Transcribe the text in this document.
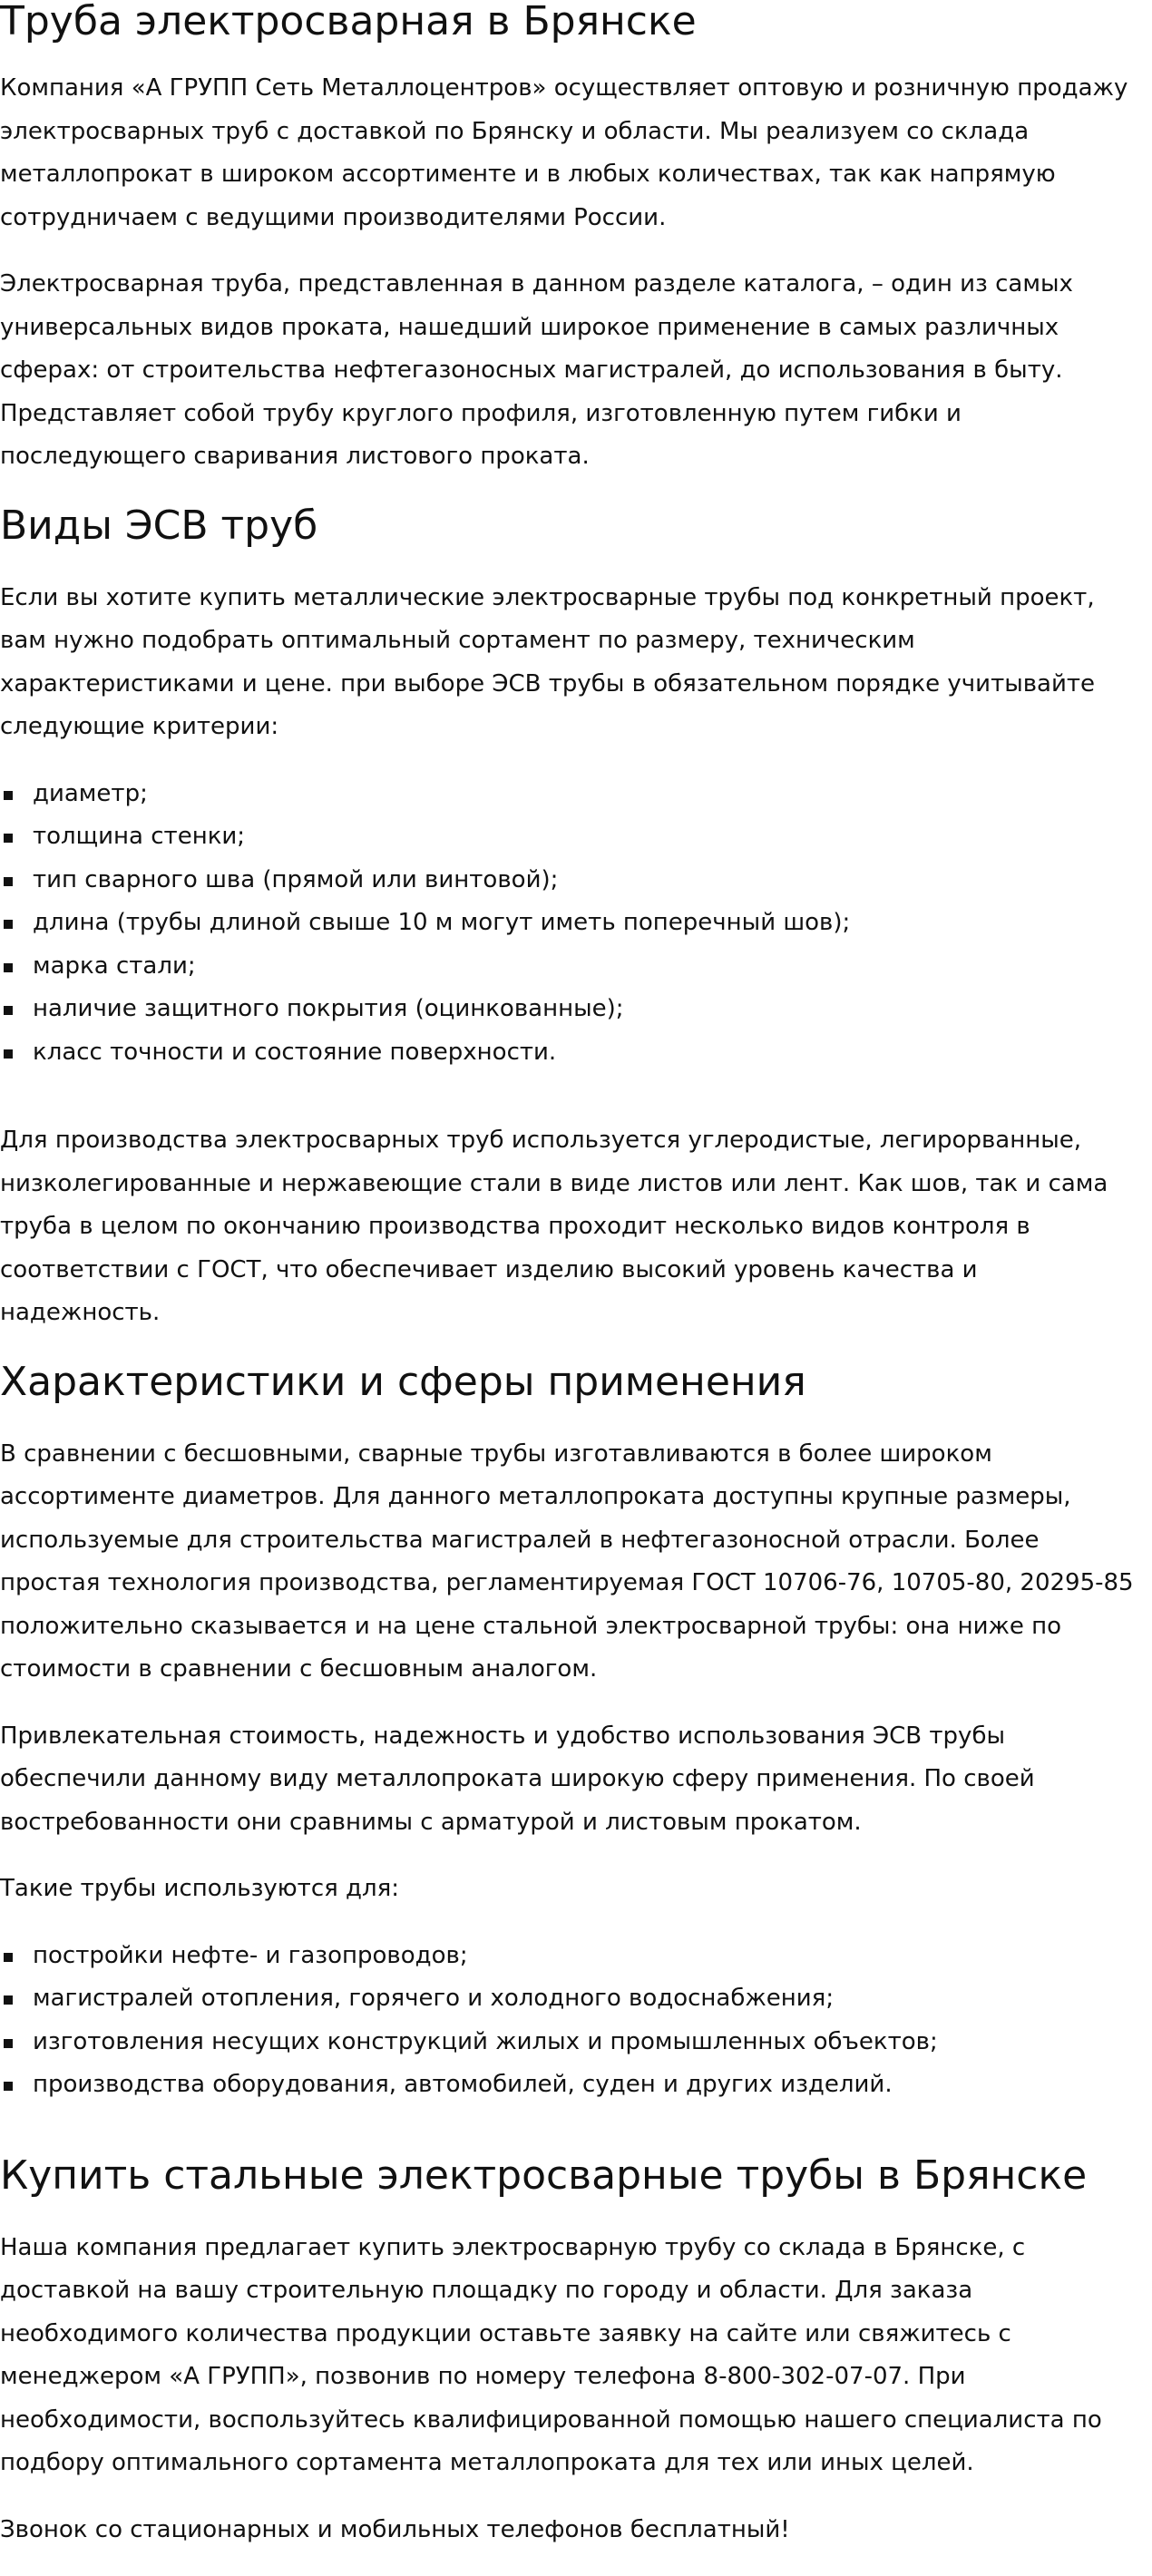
Труба электросварная в Брянске

Компания «А ГРУПП Сеть Металлоцентров» осуществляет оптовую и розничную продажу электросварных труб с доставкой по Брянску и области. Мы реализуем со склада металлопрокат в широком ассортименте и в любых количествах, так как напрямую сотрудничаем с ведущими производителями России.

Электросварная труба, представленная в данном разделе каталога, – один из самых универсальных видов проката, нашедший широкое применение в самых различных сферах: от строительства нефтегазоносных магистралей, до использования в быту. Представляет собой трубу круглого профиля, изготовленную путем гибки и последующего сваривания листового проката.

Виды ЭСВ труб

Если вы хотите купить металлические электросварные трубы под конкретный проект, вам нужно подобрать оптимальный сортамент по размеру, техническим характеристиками и цене. при выборе ЭСВ трубы в обязательном порядке учитывайте следующие критерии:

диаметр;
толщина стенки;
тип сварного шва (прямой или винтовой);
длина (трубы длиной свыше 10 м могут иметь поперечный шов);
марка стали;
наличие защитного покрытия (оцинкованные);
класс точности и состояние поверхности.

Для производства электросварных труб используется углеродистые, легирорванные, низколегированные и нержавеющие стали в виде листов или лент. Как шов, так и сама труба в целом по окончанию производства проходит несколько видов контроля в соответствии с ГОСТ, что обеспечивает изделию высокий уровень качества и надежность.

Характеристики и сферы применения

В сравнении с бесшовными, сварные трубы изготавливаются в более широком ассортименте диаметров. Для данного металлопроката доступны крупные размеры, используемые для строительства магистралей в нефтегазоносной отрасли. Более простая технология производства, регламентируемая ГОСТ 10706-76, 10705-80, 20295-85 положительно сказывается и на цене стальной электросварной трубы: она ниже по стоимости в сравнении с бесшовным аналогом.

Привлекательная стоимость, надежность и удобство использования ЭСВ трубы обеспечили данному виду металлопроката широкую сферу применения. По своей востребованности они сравнимы с арматурой и листовым прокатом.

Такие трубы используются для:

постройки нефте- и газопроводов;
магистралей отопления, горячего и холодного водоснабжения;
изготовления несущих конструкций жилых и промышленных объектов;
производства оборудования, автомобилей, суден и других изделий.
Купить стальные электросварные трубы в Брянске

Наша компания предлагает купить электросварную трубу со склада в Брянске, с доставкой на вашу строительную площадку по городу и области. Для заказа необходимого количества продукции оставьте заявку на сайте или свяжитесь с менеджером «А ГРУПП», позвонив по номеру телефона 8-800-302-07-07. При необходимости, воспользуйтесь квалифицированной помощью нашего специалиста по подбору оптимального сортамента металлопроката для тех или иных целей.

Звонок со стационарных и мобильных телефонов бесплатный!
